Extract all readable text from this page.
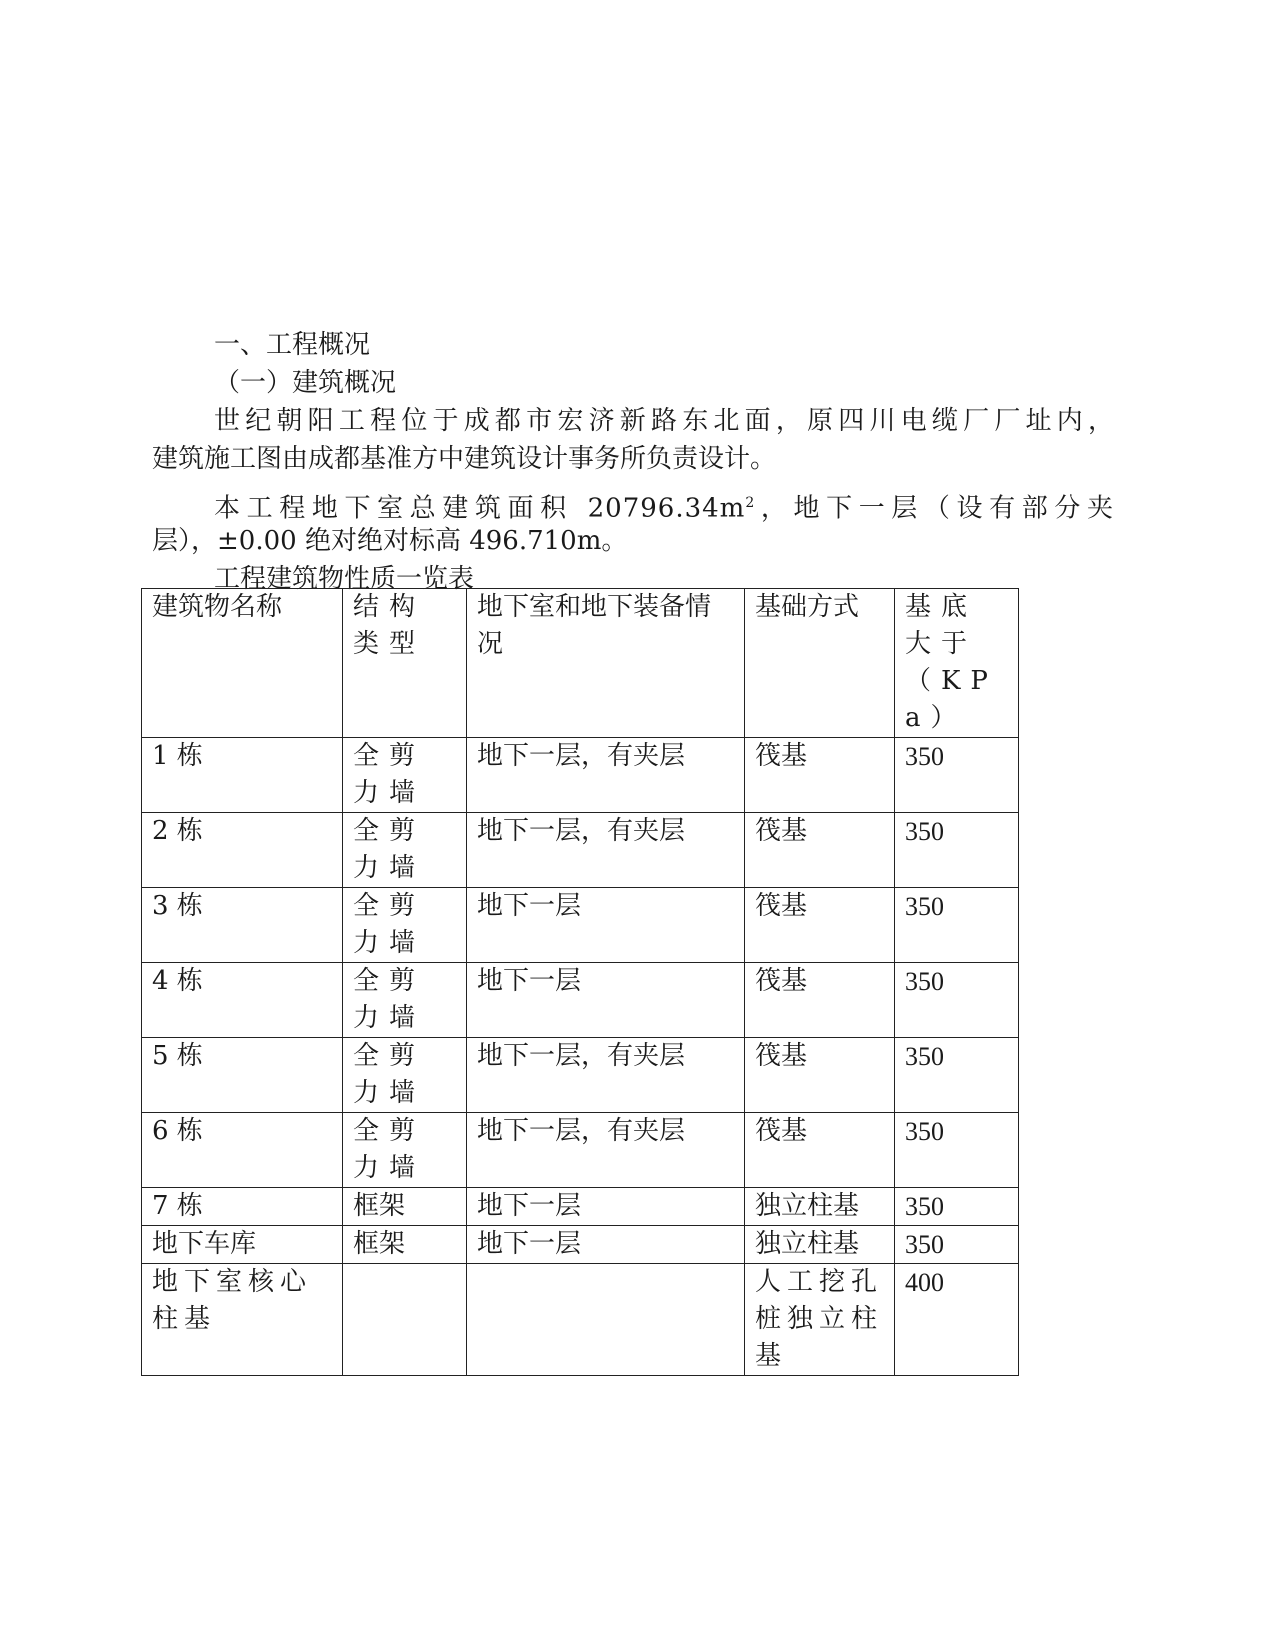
一、工程概况
（一）建筑概况
世纪朝阳工程位于成都市宏济新路东北面，原四川电缆厂厂址内，
建筑施工图由成都基准方中建筑设计事务所负责设计。
本工程地下室总建筑面积 $20796.34m^2$，地下一层（设有部分夹
层），±0.00 绝对绝对标高 496.710m。
工程建筑物性质一览表
建筑物名称	结构类型	地下室和地下装备情况	基础方式	基底大于（KPa）
1 栋	全剪力墙	地下一层，有夹层	筏基	350
2 栋	全剪力墙	地下一层，有夹层	筏基	350
3 栋	全剪力墙	地下一层	筏基	350
4 栋	全剪力墙	地下一层	筏基	350
5 栋	全剪力墙	地下一层，有夹层	筏基	350
6 栋	全剪力墙	地下一层，有夹层	筏基	350
7 栋	框架	地下一层	独立柱基	350
地下车库	框架	地下一层	独立柱基	350
地下室核心柱基			人工挖孔桩独立柱基	400
